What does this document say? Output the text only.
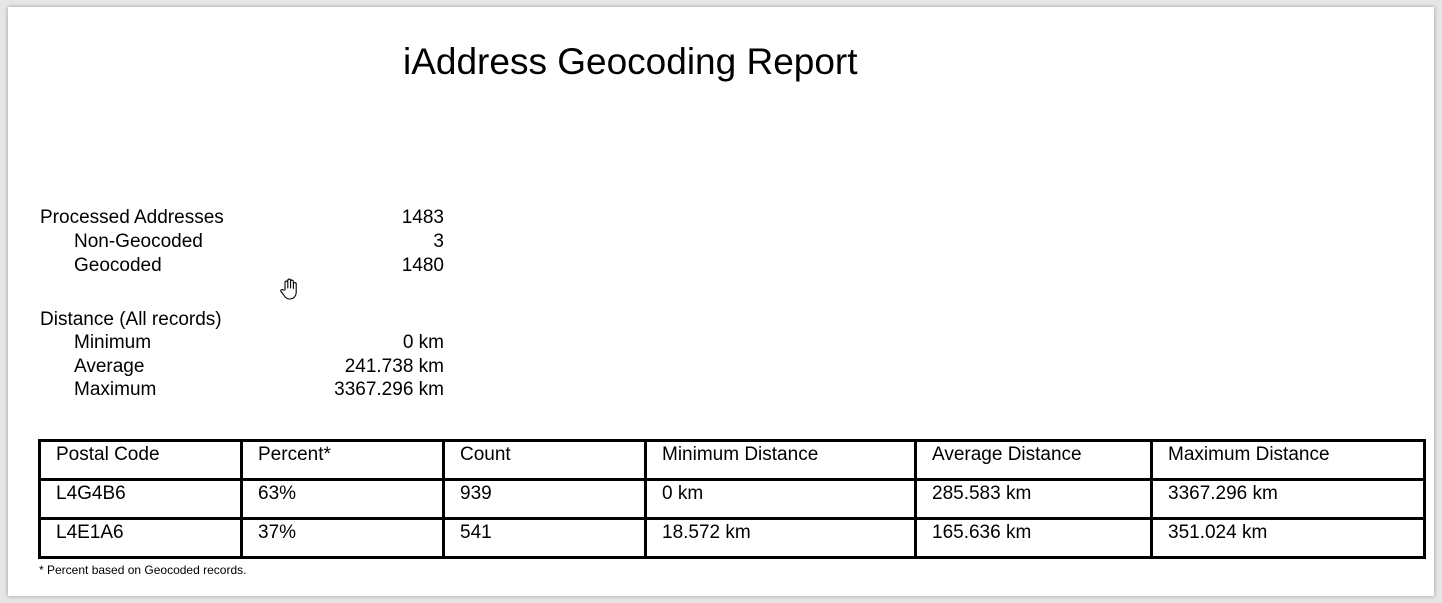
iAddress Geocoding Report
Processed Addresses	1483
Non-Geocoded	3
Geocoded	1480
Distance (All records)
Minimum	0 km
Average	241.738 km
Maximum	3367.296 km
Postal Code	Percent*	Count	Minimum Distance	Average Distance	Maximum Distance
L4G4B6	63%	939	0 km	285.583 km	3367.296 km
L4E1A6	37%	541	18.572 km	165.636 km	351.024 km
* Percent based on Geocoded records.
